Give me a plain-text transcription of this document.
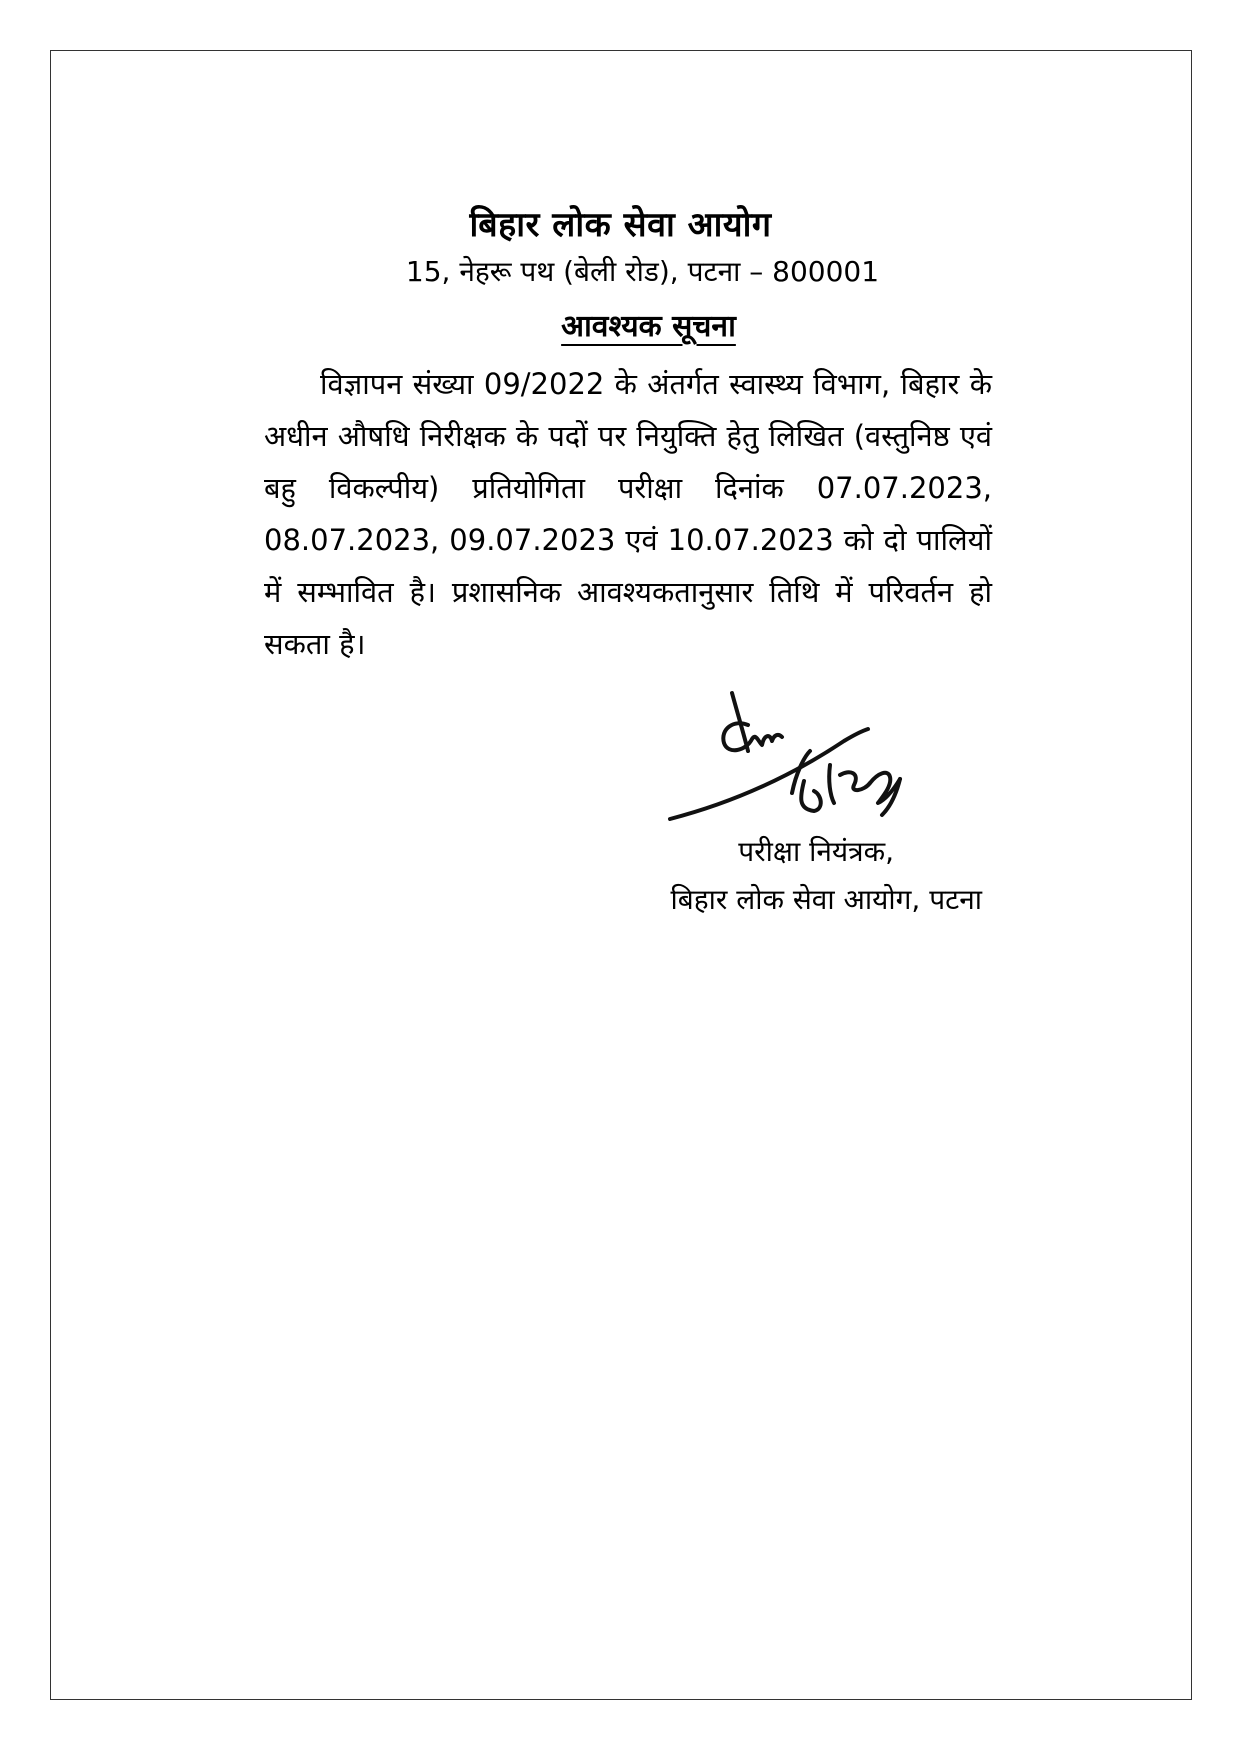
बिहार लोक सेवा आयोग
15, नेहरू पथ (बेली रोड), पटना – 800001
आवश्यक सूचना

विज्ञापन संख्या 09/2022 के अंतर्गत स्वास्थ्य विभाग, बिहार के अधीन औषधि निरीक्षक के पदों पर नियुक्ति हेतु लिखित (वस्तुनिष्ठ एवं बहु विकल्पीय) प्रतियोगिता परीक्षा दिनांक 07.07.2023, 08.07.2023, 09.07.2023 एवं 10.07.2023 को दो पालियों में सम्भावित है। प्रशासनिक आवश्यकतानुसार तिथि में परिवर्तन हो सकता है।

परीक्षा नियंत्रक,
बिहार लोक सेवा आयोग, पटना
